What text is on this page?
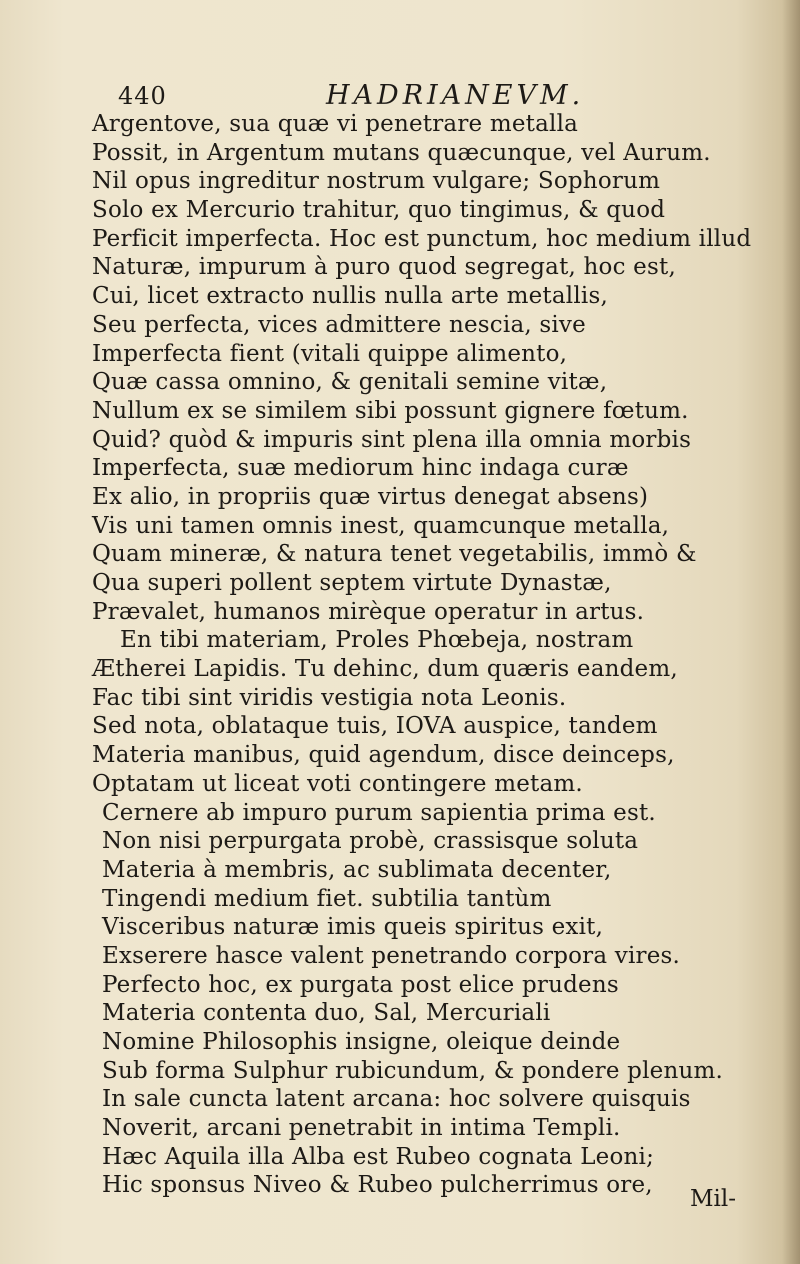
440	HADRIANEVM.
Argentove, sua quæ vi penetrare metalla
Possit, in Argentum mutans quæcunque, vel Aurum.
Nil opus ingreditur nostrum vulgare; Sophorum
Solo ex Mercurio trahitur, quo tingimus, & quod
Perficit imperfecta. Hoc est punctum, hoc medium illud
Naturæ, impurum à puro quod segregat, hoc est,
Cui, licet extracto nullis nulla arte metallis,
Seu perfecta, vices admittere nescia, sive
Imperfecta fient (vitali quippe alimento,
Quæ cassa omnino, & genitali semine vitæ,
Nullum ex se similem sibi possunt gignere fœtum.
Quid? quòd & impuris sint plena illa omnia morbis
Imperfecta, suæ mediorum hinc indaga curæ
Ex alio, in propriis quæ virtus denegat absens)
Vis uni tamen omnis inest, quamcunque metalla,
Quam mineræ, & natura tenet vegetabilis, immò &
Qua superi pollent septem virtute Dynastæ,
Prævalet, humanos mirèque operatur in artus.
En tibi materiam, Proles Phœbeja, nostram
Ætherei Lapidis. Tu dehinc, dum quæris eandem,
Fac tibi sint viridis vestigia nota Leonis.
Sed nota, oblataque tuis, IOVA auspice, tandem
Materia manibus, quid agendum, disce deinceps,
Optatam ut liceat voti contingere metam.
Cernere ab impuro purum sapientia prima est.
Non nisi perpurgata probè, crassisque soluta
Materia à membris, ac sublimata decenter,
Tingendi medium fiet. subtilia tantùm
Visceribus naturæ imis queis spiritus exit,
Exserere hasce valent penetrando corpora vires.
Perfecto hoc, ex purgata post elice prudens
Materia contenta duo, Sal, Mercuriali
Nomine Philosophis insigne, oleique deinde
Sub forma Sulphur rubicundum, & pondere plenum.
In sale cuncta latent arcana: hoc solvere quisquis
Noverit, arcani penetrabit in intima Templi.
Hæc Aquila illa Alba est Rubeo cognata Leoni;
Hic sponsus Niveo & Rubeo pulcherrimus ore,
Mil-
